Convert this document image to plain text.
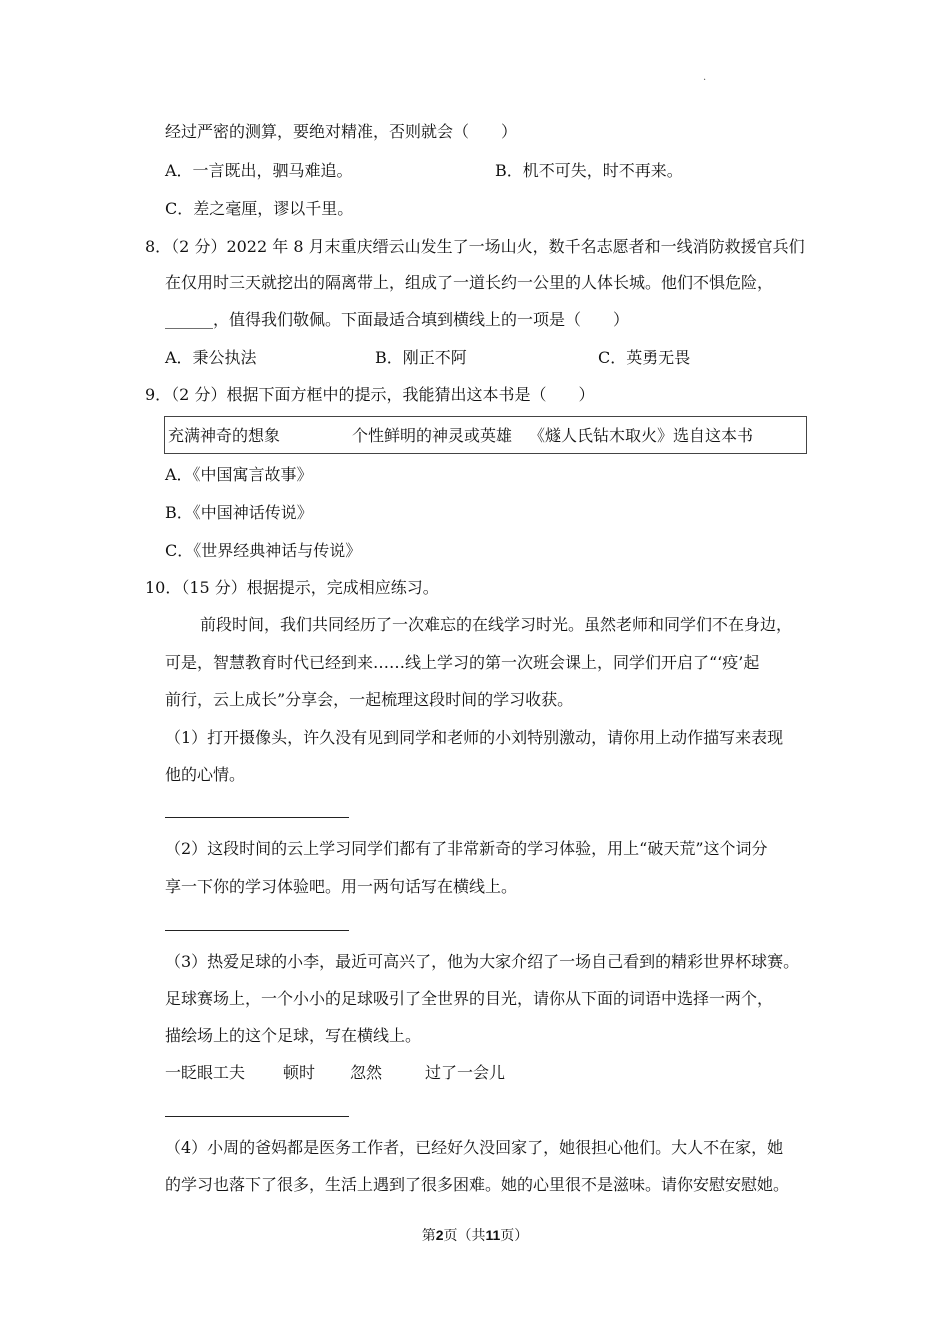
.
经过严密的测算，要绝对精准，否则就会（　　）
A．一言既出，驷马难追。	B．机不可失，时不再来。
C．差之毫厘，谬以千里。
8．（2 分）2022 年 8 月末重庆缙云山发生了一场山火，数千名志愿者和一线消防救援官兵们
在仅用时三天就挖出的隔离带上，组成了一道长约一公里的人体长城。他们不惧危险，
______，值得我们敬佩。下面最适合填到横线上的一项是（　　）
A．秉公执法	B．刚正不阿	C．英勇无畏
9．（2 分）根据下面方框中的提示，我能猜出这本书是（　　）
充满神奇的想象	个性鲜明的神灵或英雄 《燧人氏钻木取火》选自这本书
A．《中国寓言故事》
B．《中国神话传说》
C．《世界经典神话与传说》
10．（15 分）根据提示，完成相应练习。
前段时间，我们共同经历了一次难忘的在线学习时光。虽然老师和同学们不在身边，
可是，智慧教育时代已经到来……线上学习的第一次班会课上，同学们开启了“‘疫’起
前行，云上成长”分享会，一起梳理这段时间的学习收获。
（1）打开摄像头，许久没有见到同学和老师的小刘特别激动，请你用上动作描写来表现
他的心情。
（2）这段时间的云上学习同学们都有了非常新奇的学习体验，用上“破天荒”这个词分
享一下你的学习体验吧。用一两句话写在横线上。
（3）热爱足球的小李，最近可高兴了，他为大家介绍了一场自己看到的精彩世界杯球赛。
足球赛场上，一个小小的足球吸引了全世界的目光，请你从下面的词语中选择一两个，
描绘场上的这个足球，写在横线上。
一眨眼工夫 顿时 忽然	过了一会儿
（4）小周的爸妈都是医务工作者，已经好久没回家了，她很担心他们。大人不在家，她
的学习也落下了很多，生活上遇到了很多困难。她的心里很不是滋味。请你安慰安慰她。
第2页（共11页）
